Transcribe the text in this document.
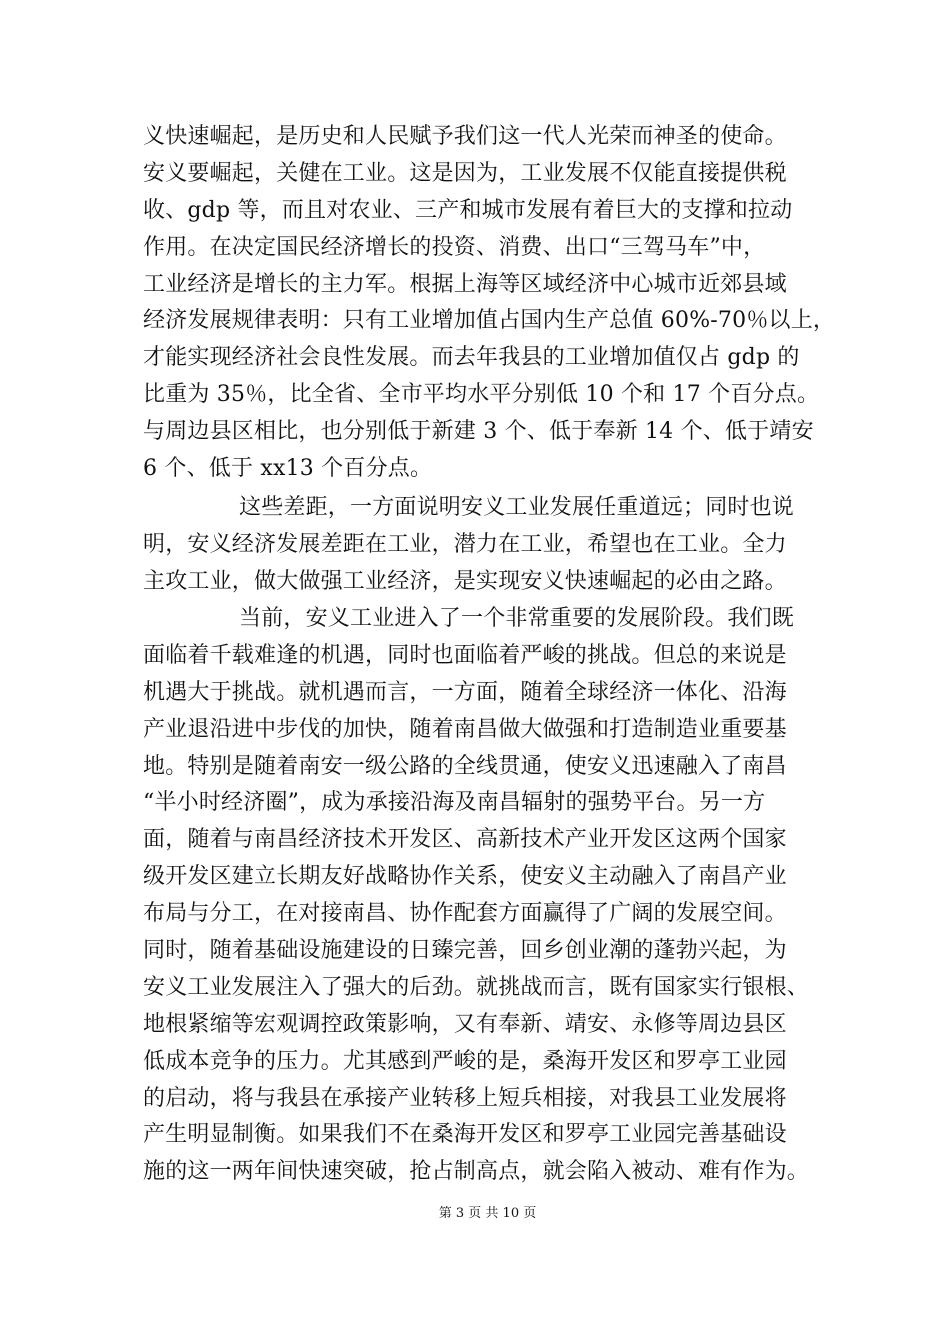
义快速崛起，是历史和人民赋予我们这一代人光荣而神圣的使命。
安义要崛起，关健在工业。这是因为，工业发展不仅能直接提供税
收、gdp 等，而且对农业、三产和城市发展有着巨大的支撑和拉动
作用。在决定国民经济增长的投资、消费、出口“三驾马车”中，
工业经济是增长的主力军。根据上海等区域经济中心城市近郊县域
经济发展规律表明：只有工业增加值占国内生产总值 60%-70％以上，
才能实现经济社会良性发展。而去年我县的工业增加值仅占 gdp 的
比重为 35％，比全省、全市平均水平分别低 10 个和 17 个百分点。
与周边县区相比，也分别低于新建 3 个、低于奉新 14 个、低于靖安
6 个、低于 xx13 个百分点。
这些差距，一方面说明安义工业发展任重道远；同时也说
明，安义经济发展差距在工业，潜力在工业，希望也在工业。全力
主攻工业，做大做强工业经济，是实现安义快速崛起的必由之路。
当前，安义工业进入了一个非常重要的发展阶段。我们既
面临着千载难逢的机遇，同时也面临着严峻的挑战。但总的来说是
机遇大于挑战。就机遇而言，一方面，随着全球经济一体化、沿海
产业退沿进中步伐的加快，随着南昌做大做强和打造制造业重要基
地。特别是随着南安一级公路的全线贯通，使安义迅速融入了南昌
“半小时经济圈”，成为承接沿海及南昌辐射的强势平台。另一方
面，随着与南昌经济技术开发区、高新技术产业开发区这两个国家
级开发区建立长期友好战略协作关系，使安义主动融入了南昌产业
布局与分工，在对接南昌、协作配套方面赢得了广阔的发展空间。
同时，随着基础设施建设的日臻完善，回乡创业潮的蓬勃兴起，为
安义工业发展注入了强大的后劲。就挑战而言，既有国家实行银根、
地根紧缩等宏观调控政策影响，又有奉新、靖安、永修等周边县区
低成本竞争的压力。尤其感到严峻的是，桑海开发区和罗亭工业园
的启动，将与我县在承接产业转移上短兵相接，对我县工业发展将
产生明显制衡。如果我们不在桑海开发区和罗亭工业园完善基础设
施的这一两年间快速突破，抢占制高点，就会陷入被动、难有作为。
第 3 页 共 10 页
